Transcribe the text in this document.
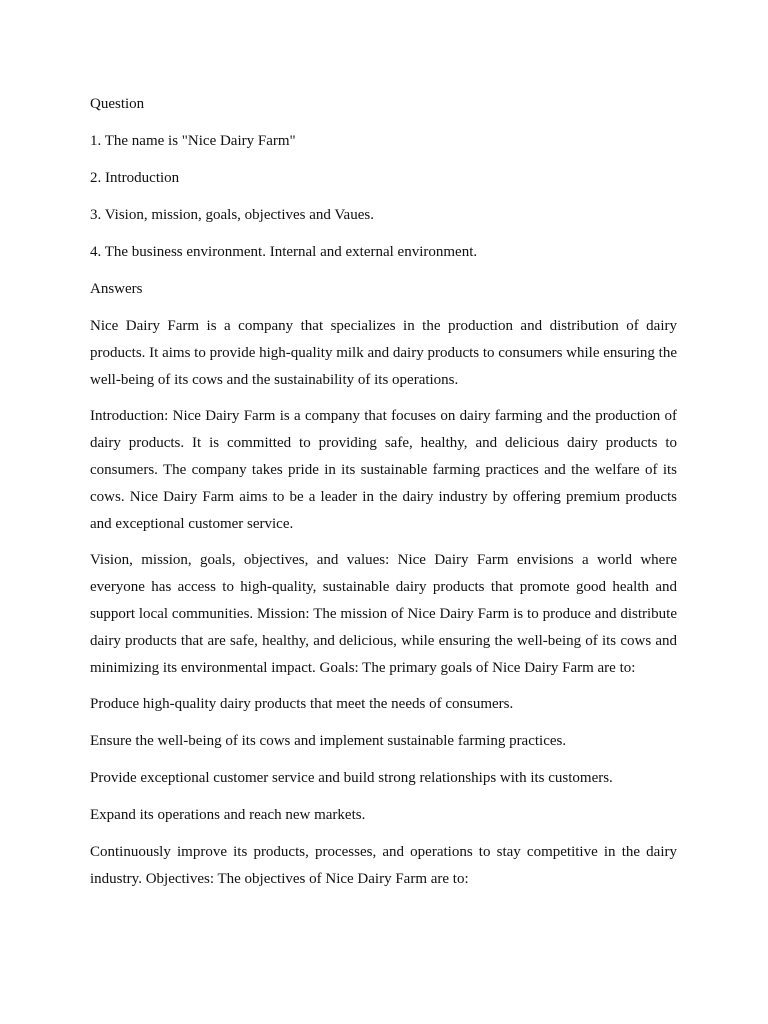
Question

1. The name is "Nice Dairy Farm"

2. Introduction

3. Vision, mission, goals, objectives and Vaues.

4. The business environment. Internal and external environment.

Answers

Nice Dairy Farm is a company that specializes in the production and distribution of dairy products. It aims to provide high-quality milk and dairy products to consumers while ensuring the well-being of its cows and the sustainability of its operations.

Introduction: Nice Dairy Farm is a company that focuses on dairy farming and the production of dairy products. It is committed to providing safe, healthy, and delicious dairy products to consumers. The company takes pride in its sustainable farming practices and the welfare of its cows. Nice Dairy Farm aims to be a leader in the dairy industry by offering premium products and exceptional customer service.

Vision, mission, goals, objectives, and values: Nice Dairy Farm envisions a world where everyone has access to high-quality, sustainable dairy products that promote good health and support local communities. Mission: The mission of Nice Dairy Farm is to produce and distribute dairy products that are safe, healthy, and delicious, while ensuring the well-being of its cows and minimizing its environmental impact. Goals: The primary goals of Nice Dairy Farm are to:

Produce high-quality dairy products that meet the needs of consumers.

Ensure the well-being of its cows and implement sustainable farming practices.

Provide exceptional customer service and build strong relationships with its customers.

Expand its operations and reach new markets.

Continuously improve its products, processes, and operations to stay competitive in the dairy industry. Objectives: The objectives of Nice Dairy Farm are to:
